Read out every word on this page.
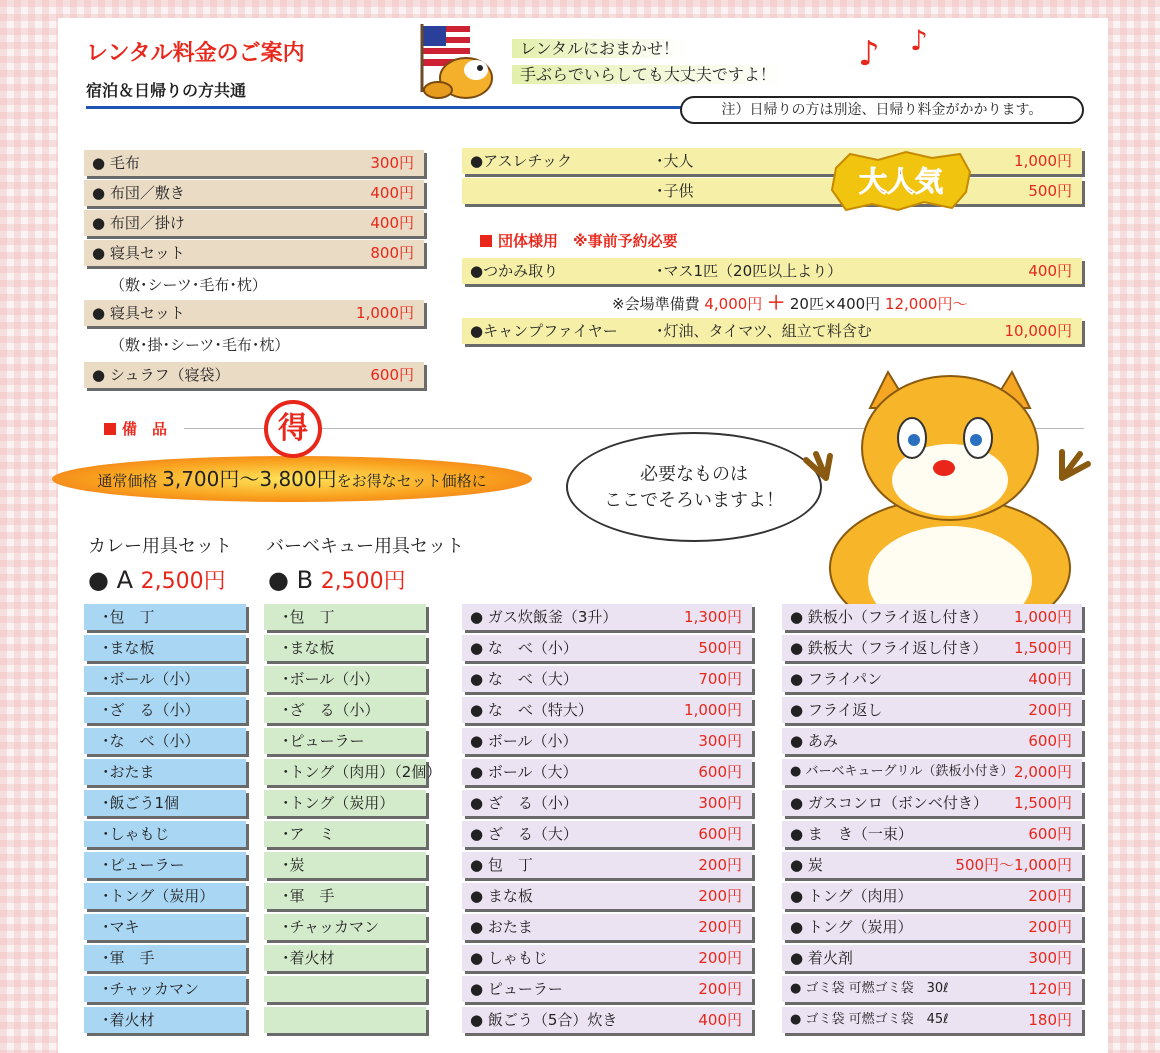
レンタル料金のご案内
宿泊＆日帰りの方共通
レンタルにおまかせ！
手ぶらでいらしても大丈夫ですよ！
♪ ♪
注）日帰りの方は別途、日帰り料金がかかります。
● 毛布	300円
● 布団／敷き	400円
● 布団／掛け	400円
● 寝具セット	800円
（敷･シーツ･毛布･枕）
● 寝具セット	1,000円
（敷･掛･シーツ･毛布･枕）
● シュラフ（寝袋）	600円
●アスレチック	･大人	1,000円
･子供	500円
大人気
団体様用　 ※事前予約必要
●つかみ取り	･マス1匹（20匹以上より）	400円
※会場準備費 4,000円 ＋ 20匹×400円 12,000円～
●キャンプファイヤー	･灯油、タイマツ、組立て料含む	10,000円
備　品
通常価格 3,700円～3,800円をお得なセット価格に
得
必要なものは
ここでそろいますよ！
カレー用具セット バーベキュー用具セット
● A 2,500円 ● B 2,500円
･包　丁
･まな板
･ボール（小）
･ざ　る（小）
･な　べ（小）
･おたま
･飯ごう1個
･しゃもじ
･ピューラー
･トング（炭用）
･マキ
･軍　手
･チャッカマン
･着火材
･包　丁
･まな板
･ボール（小）
･ざ　る（小）
･ピューラー
･トング（肉用）（2個）
･トング（炭用）
･ア　ミ
･炭
･軍　手
･チャッカマン
･着火材
● ガス炊飯釜（3升）	1,300円
● な　べ（小）	500円
● な　べ（大）	700円
● な　べ（特大）	1,000円
● ボール（小）	300円
● ボール（大）	600円
● ざ　る（小）	300円
● ざ　る（大）	600円
● 包　丁	200円
● まな板	200円
● おたま	200円
● しゃもじ	200円
● ピューラー	200円
● 飯ごう（5合）炊き	400円
● 鉄板小（フライ返し付き） 1,000円
● 鉄板大（フライ返し付き） 1,500円
● フライパン	400円
● フライ返し	200円
● あみ	600円
● バーベキューグリル（鉄板小付き） 2,000円
● ガスコンロ（ボンベ付き） 1,500円
● ま　き（一束）	600円
● 炭	500円～1,000円
● トング（肉用）	200円
● トング（炭用）	200円
● 着火剤	300円
● ゴミ袋 可燃ゴミ袋　30ℓ	120円
● ゴミ袋 可燃ゴミ袋　45ℓ	180円
